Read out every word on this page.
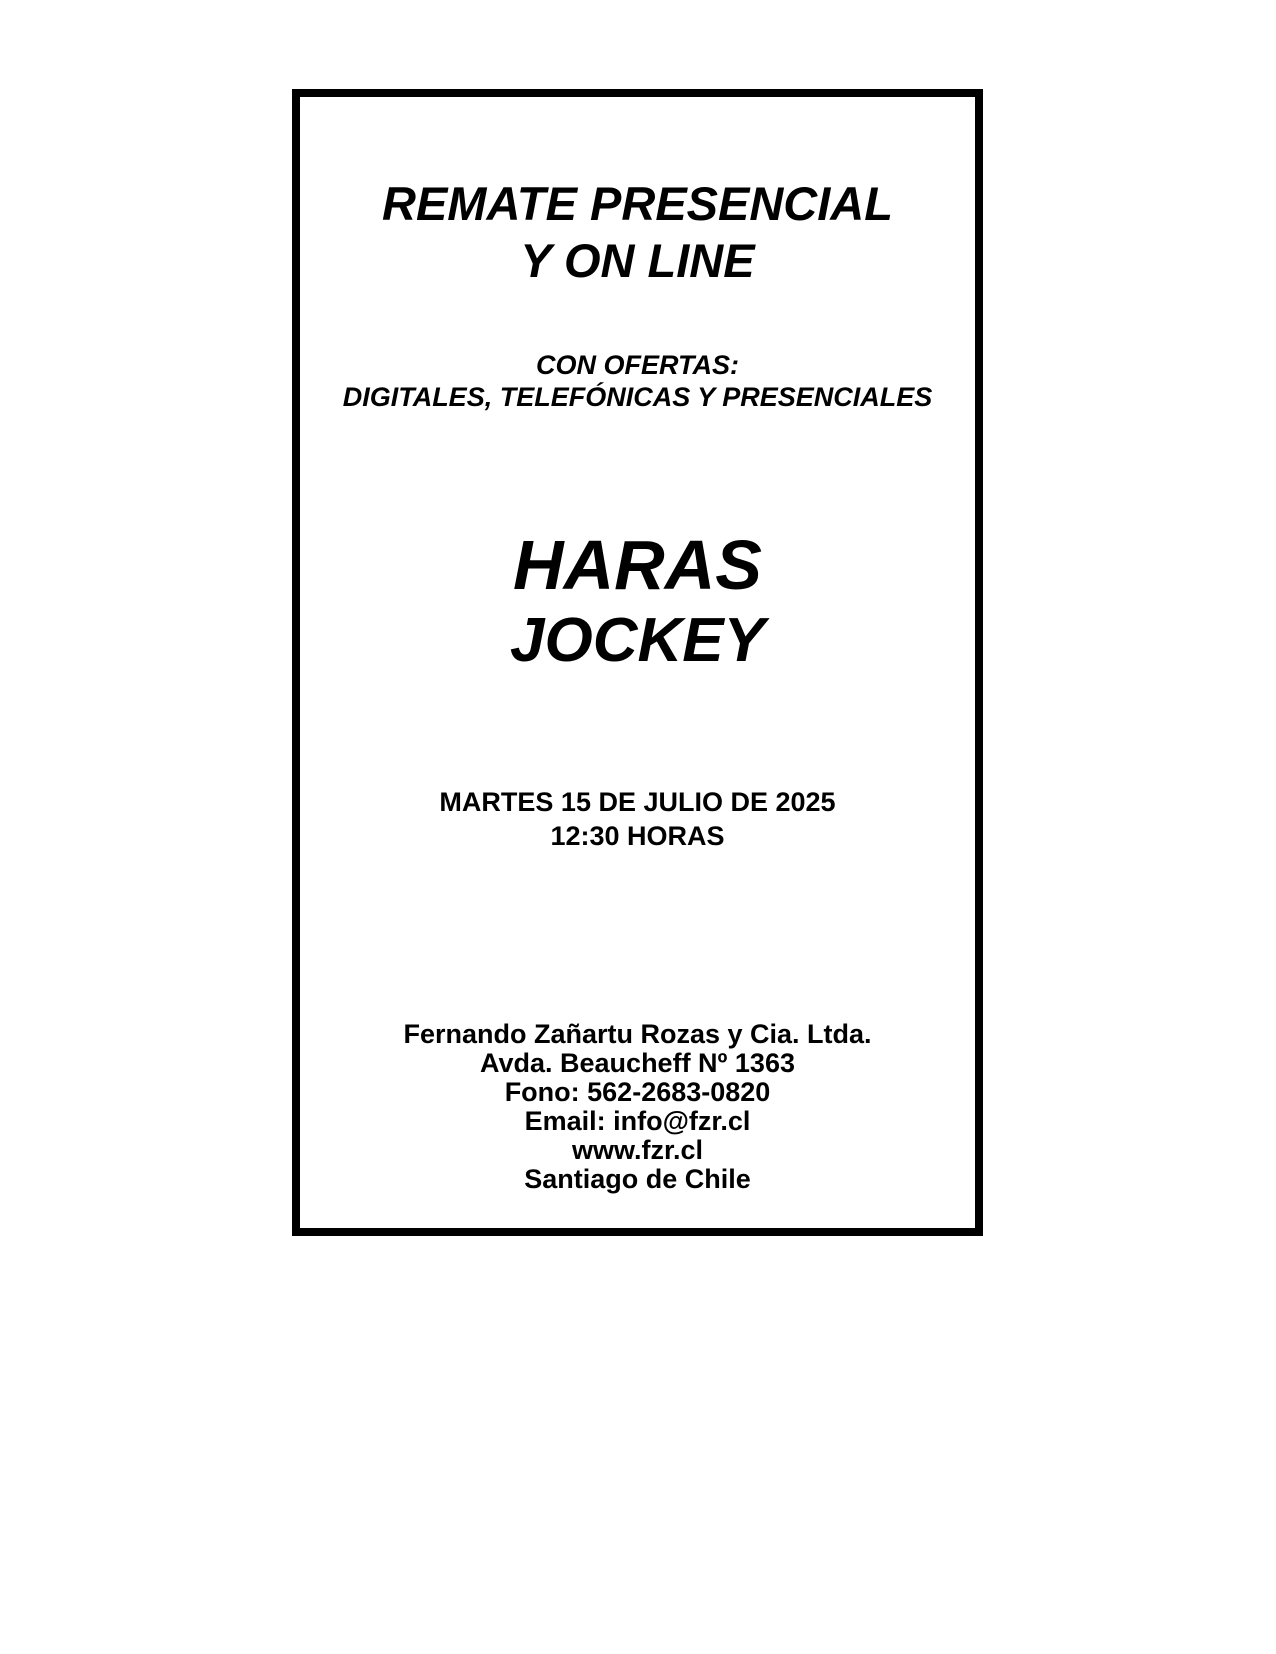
REMATE PRESENCIAL
Y ON LINE
CON OFERTAS:
DIGITALES, TELEFÓNICAS Y PRESENCIALES
HARAS
JOCKEY
MARTES 15 DE JULIO DE 2025
12:30 HORAS
Fernando Zañartu Rozas y Cia. Ltda.
Avda. Beaucheff Nº 1363
Fono: 562-2683-0820
Email: info@fzr.cl
www.fzr.cl
Santiago de Chile
